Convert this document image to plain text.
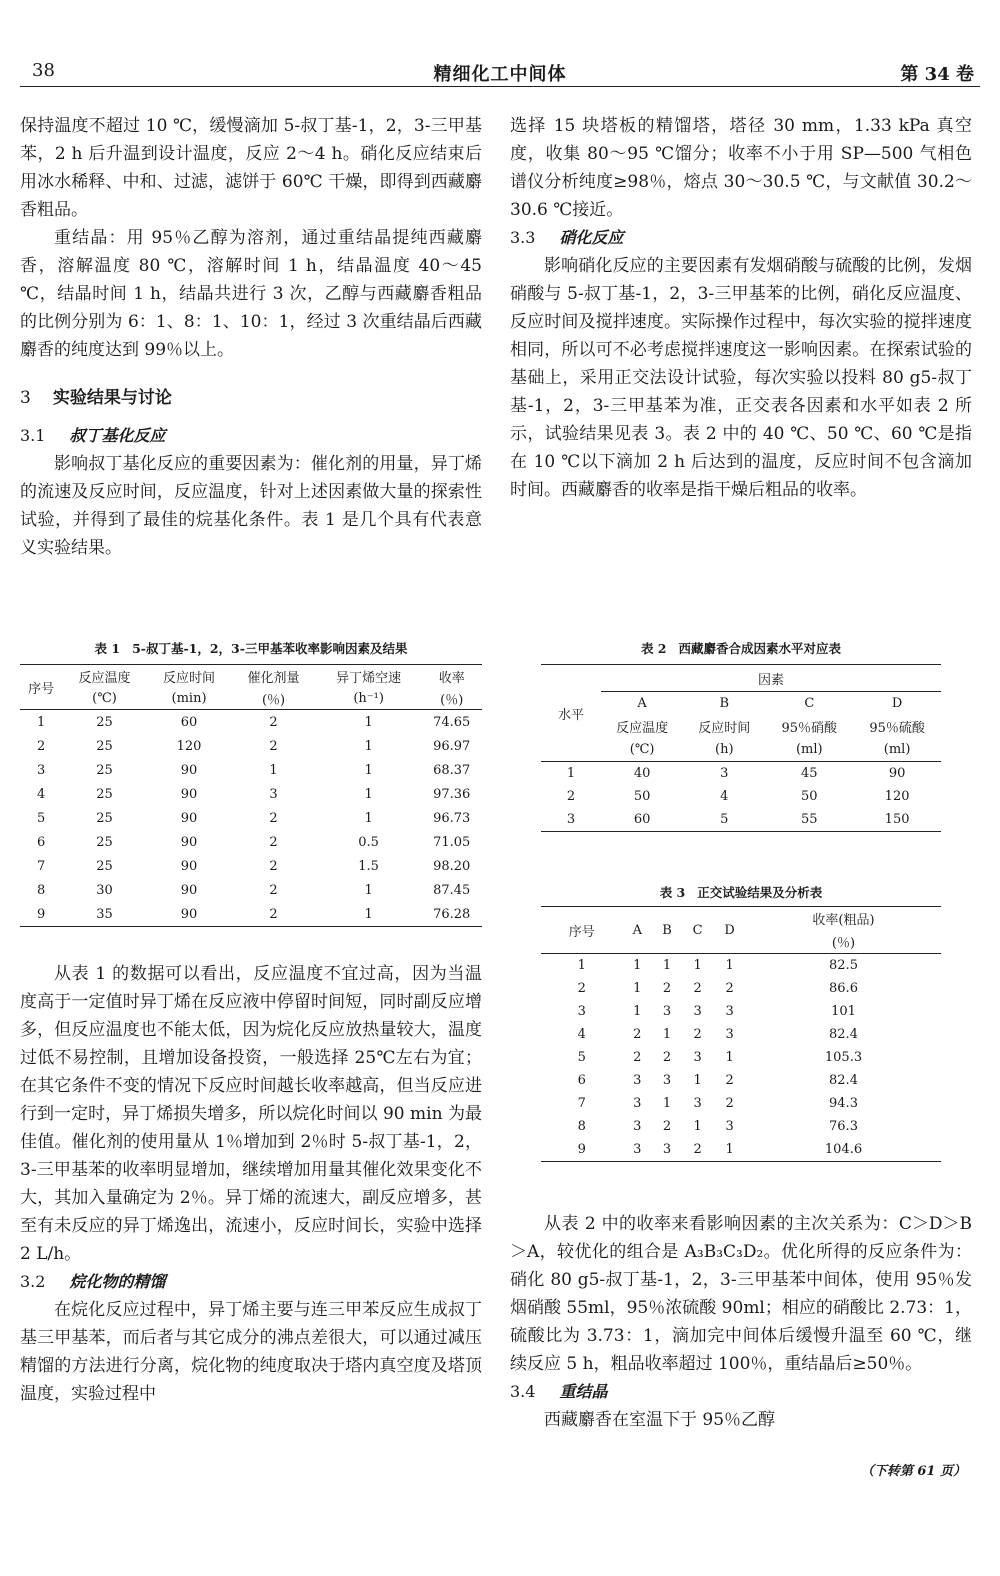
38	精细化工中间体	第 34 卷

保持温度不超过 10 ℃，缓慢滴加 5-叔丁基-1，2，3-三甲基苯，2 h 后升温到设计温度，反应 2～4 h。硝化反应结束后用冰水稀释、中和、过滤，滤饼于 60℃ 干燥，即得到西藏麝香粗品。

重结晶：用 95％乙醇为溶剂，通过重结晶提纯西藏麝香，溶解温度 80 ℃，溶解时间 1 h，结晶温度 40～45 ℃，结晶时间 1 h，结晶共进行 3 次，乙醇与西藏麝香粗品的比例分别为 6：1、8：1、10：1，经过 3 次重结晶后西藏麝香的纯度达到 99％以上。

3 实验结果与讨论
3.1 叔丁基化反应

影响叔丁基化反应的重要因素为：催化剂的用量，异丁烯的流速及反应时间，反应温度，针对上述因素做大量的探索性试验，并得到了最佳的烷基化条件。表 1 是几个具有代表意义实验结果。

表 1 5-叔丁基-1，2，3-三甲基苯收率影响因素及结果
序号	反应温度	反应时间	催化剂量	异丁烯空速	收率
	(℃)	(min)	(％)	(h⁻¹)	(％)
1	25	60	2	1	74.65
2	25	120	2	1	96.97
3	25	90	1	1	68.37
4	25	90	3	1	97.36
5	25	90	2	1	96.73
6	25	90	2	0.5	71.05
7	25	90	2	1.5	98.20
8	30	90	2	1	87.45
9	35	90	2	1	76.28

从表 1 的数据可以看出，反应温度不宜过高，因为当温度高于一定值时异丁烯在反应液中停留时间短，同时副反应增多，但反应温度也不能太低，因为烷化反应放热量较大，温度过低不易控制，且增加设备投资，一般选择 25℃左右为宜；在其它条件不变的情况下反应时间越长收率越高，但当反应进行到一定时，异丁烯损失增多，所以烷化时间以 90 min 为最佳值。催化剂的使用量从 1％增加到 2％时 5-叔丁基-1，2，3-三甲基苯的收率明显增加，继续增加用量其催化效果变化不大，其加入量确定为 2％。异丁烯的流速大，副反应增多，甚至有未反应的异丁烯逸出，流速小，反应时间长，实验中选择 2 L/h。

3.2 烷化物的精馏

在烷化反应过程中，异丁烯主要与连三甲苯反应生成叔丁基三甲基苯，而后者与其它成分的沸点差很大，可以通过减压精馏的方法进行分离，烷化物的纯度取决于塔内真空度及塔顶温度，实验过程中

选择 15 块塔板的精馏塔，塔径 30 mm，1.33 kPa 真空度，收集 80～95 ℃馏分；收率不小于用 SP—500 气相色谱仪分析纯度≥98％，熔点 30～30.5 ℃，与文献值 30.2～30.6 ℃接近。

3.3 硝化反应

影响硝化反应的主要因素有发烟硝酸与硫酸的比例，发烟硝酸与 5-叔丁基-1，2，3-三甲基苯的比例，硝化反应温度、反应时间及搅拌速度。实际操作过程中，每次实验的搅拌速度相同，所以可不必考虑搅拌速度这一影响因素。在探索试验的基础上，采用正交法设计试验，每次实验以投料 80 g5-叔丁基-1，2，3-三甲基苯为准，正交表各因素和水平如表 2 所示，试验结果见表 3。表 2 中的 40 ℃、50 ℃、60 ℃是指在 10 ℃以下滴加 2 h 后达到的温度，反应时间不包含滴加时间。西藏麝香的收率是指干燥后粗品的收率。

表 2 西藏麝香合成因素水平对应表
水平	因素			
	A	B	C	D
	反应温度	反应时间	95％硝酸	95％硫酸
	(℃)	(h)	(ml)	(ml)
1	40	3	45	90
2	50	4	50	120
3	60	5	55	150
表 3 正交试验结果及分析表
序号	A	B	C	D	收率(粗品)
					(％)
1	1	1	1	1	82.5
2	1	2	2	2	86.6
3	1	3	3	3	101
4	2	1	2	3	82.4
5	2	2	3	1	105.3
6	3	3	1	2	82.4
7	3	1	3	2	94.3
8	3	2	1	3	76.3
9	3	3	2	1	104.6

从表 2 中的收率来看影响因素的主次关系为：C＞D＞B＞A，较优化的组合是 A₃B₃C₃D₂。优化所得的反应条件为：硝化 80 g5-叔丁基-1，2，3-三甲基苯中间体，使用 95％发烟硝酸 55ml，95％浓硫酸 90ml；相应的硝酸比 2.73：1，硫酸比为 3.73：1，滴加完中间体后缓慢升温至 60 ℃，继续反应 5 h，粗品收率超过 100％，重结晶后≥50％。

3.4 重结晶

西藏麝香在室温下于 95％乙醇

（下转第 61 页）
